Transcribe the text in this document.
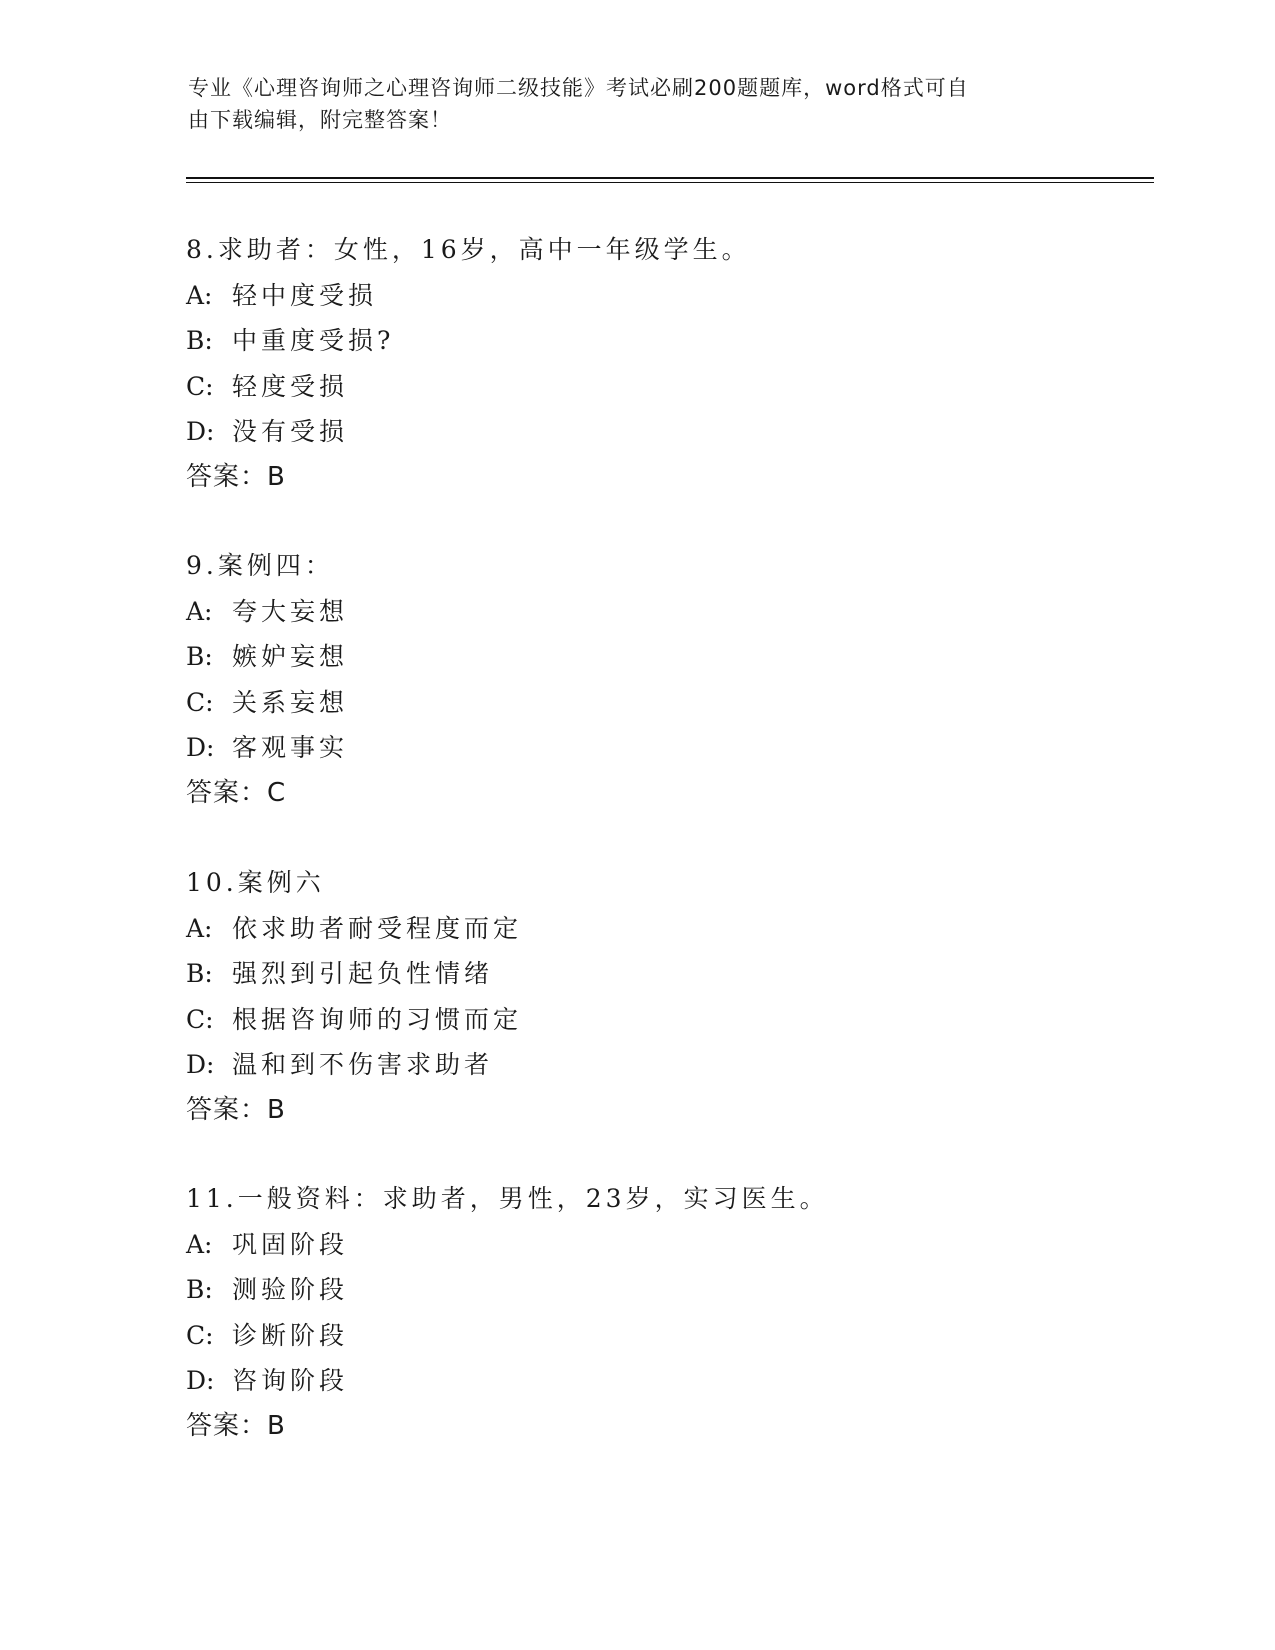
专业《心理咨询师之心理咨询师二级技能》考试必刷200题题库，word格式可自
由下载编辑，附完整答案！
8.求助者：女性，16岁，高中一年级学生。
A: 轻中度受损
B: 中重度受损?
C: 轻度受损
D: 没有受损
答案：B
9.案例四：
A: 夸大妄想
B: 嫉妒妄想
C: 关系妄想
D: 客观事实
答案：C
10.案例六
A: 依求助者耐受程度而定
B: 强烈到引起负性情绪
C: 根据咨询师的习惯而定
D: 温和到不伤害求助者
答案：B
11.一般资料：求助者，男性，23岁，实习医生。
A: 巩固阶段
B: 测验阶段
C: 诊断阶段
D: 咨询阶段
答案：B
